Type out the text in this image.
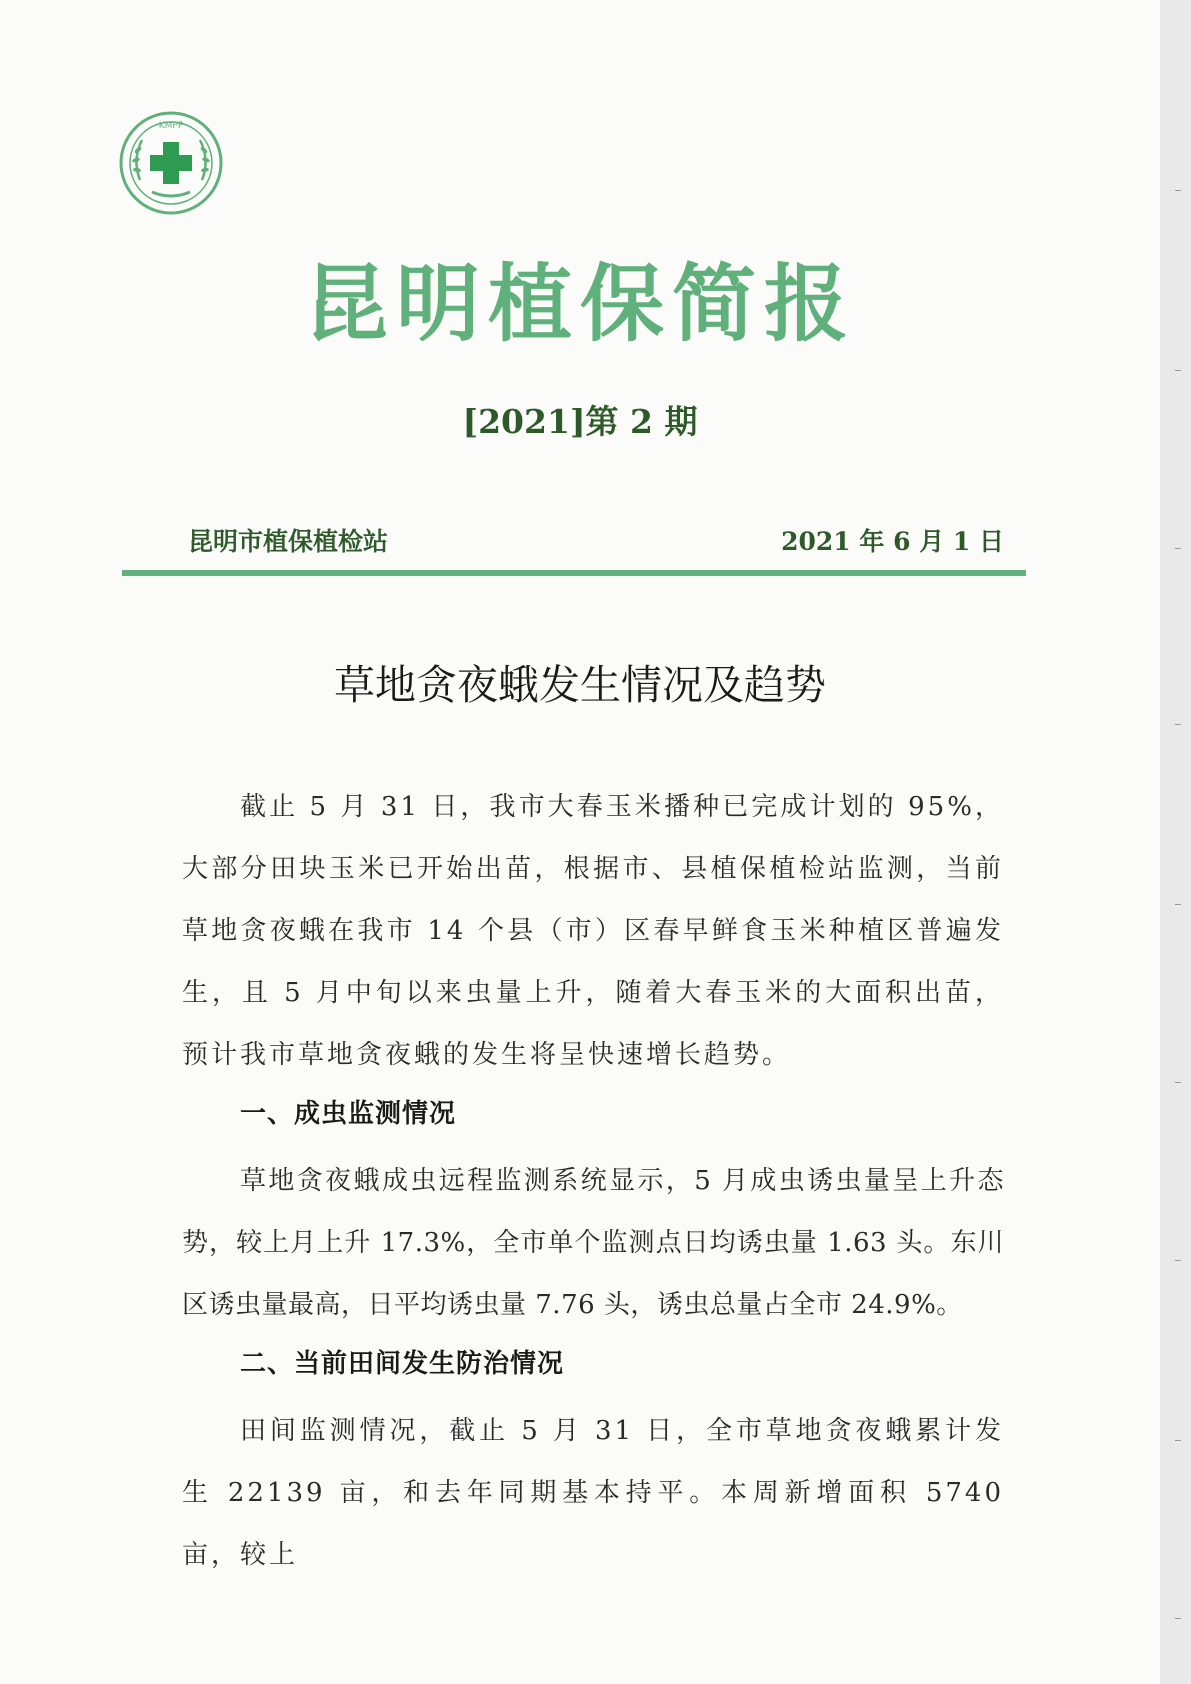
KMPP
昆明植保简报
[2021]第 2 期
昆明市植保植检站	2021 年 6 月 1 日
草地贪夜蛾发生情况及趋势

截止 5 月 31 日，我市大春玉米播种已完成计划的 95%，大部分田块玉米已开始出苗，根据市、县植保植检站监测，当前草地贪夜蛾在我市 14 个县（市）区春早鲜食玉米种植区普遍发生，且 5 月中旬以来虫量上升，随着大春玉米的大面积出苗，预计我市草地贪夜蛾的发生将呈快速增长趋势。

一、成虫监测情况

草地贪夜蛾成虫远程监测系统显示，5 月成虫诱虫量呈上升态势，较上月上升 17.3%，全市单个监测点日均诱虫量 1.63 头。东川区诱虫量最高，日平均诱虫量 7.76 头，诱虫总量占全市 24.9%。

二、当前田间发生防治情况

田间监测情况，截止 5 月 31 日，全市草地贪夜蛾累计发生 22139 亩，和去年同期基本持平。本周新增面积 5740 亩，较上
